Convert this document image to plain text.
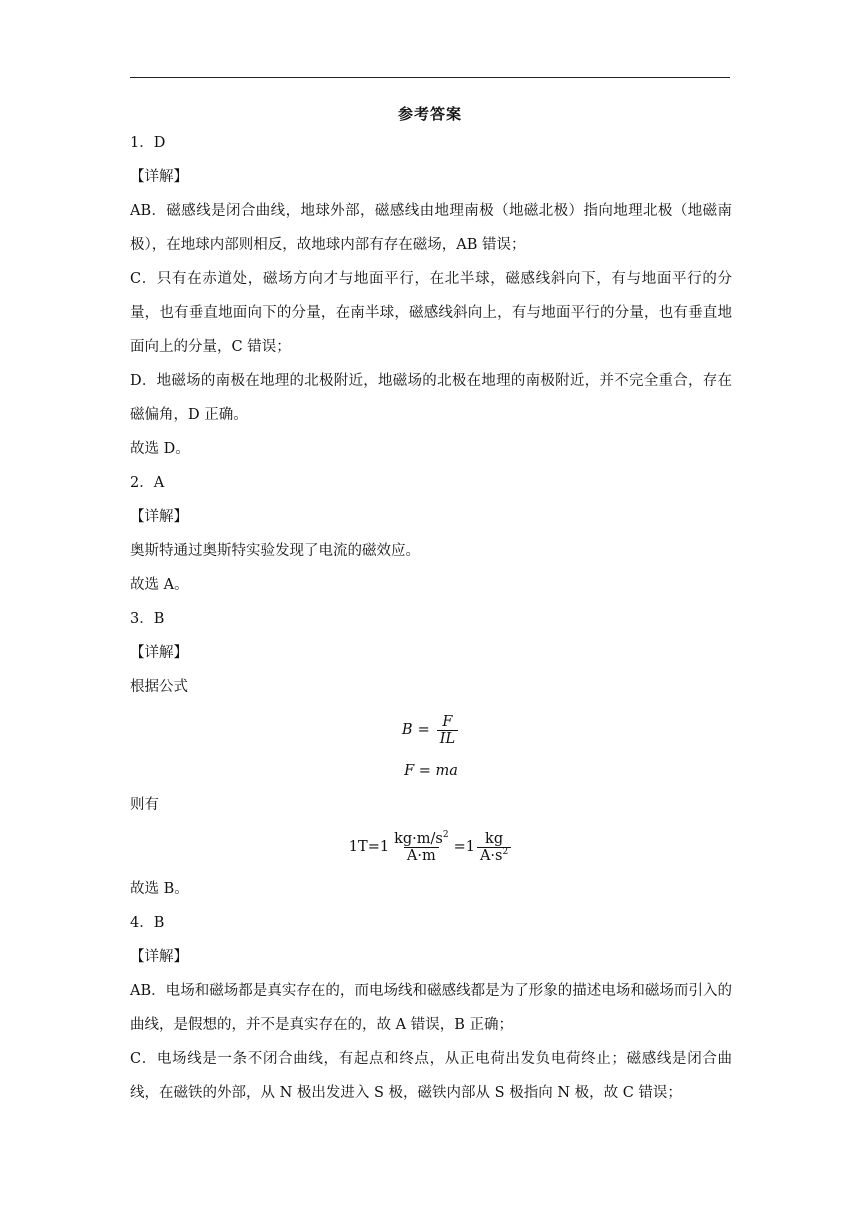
参考答案

1．D

【详解】

AB．磁感线是闭合曲线，地球外部，磁感线由地理南极（地磁北极）指向地理北极（地磁南极），在地球内部则相反，故地球内部有存在磁场，AB 错误；

C．只有在赤道处，磁场方向才与地面平行，在北半球，磁感线斜向下，有与地面平行的分量，也有垂直地面向下的分量，在南半球，磁感线斜向上，有与地面平行的分量，也有垂直地面向上的分量，C 错误；

D．地磁场的南极在地理的北极附近，地磁场的北极在地理的南极附近，并不完全重合，存在磁偏角，D 正确。

故选 D。

2．A

【详解】

奥斯特通过奥斯特实验发现了电流的磁效应。

故选 A。

3．B

【详解】

根据公式

$B = \frac{F}{IL}$
F = ma

则有

$1T =1 \frac{kg\cdot m/s^2}{A\cdot m} =1 \frac{kg}{A\cdot s^2}$

故选 B。

4．B

【详解】

AB．电场和磁场都是真实存在的，而电场线和磁感线都是为了形象的描述电场和磁场而引入的曲线，是假想的，并不是真实存在的，故 A 错误，B 正确；

C．电场线是一条不闭合曲线，有起点和终点，从正电荷出发负电荷终止；磁感线是闭合曲线，在磁铁的外部，从 N 极出发进入 S 极，磁铁内部从 S 极指向 N 极，故 C 错误；
